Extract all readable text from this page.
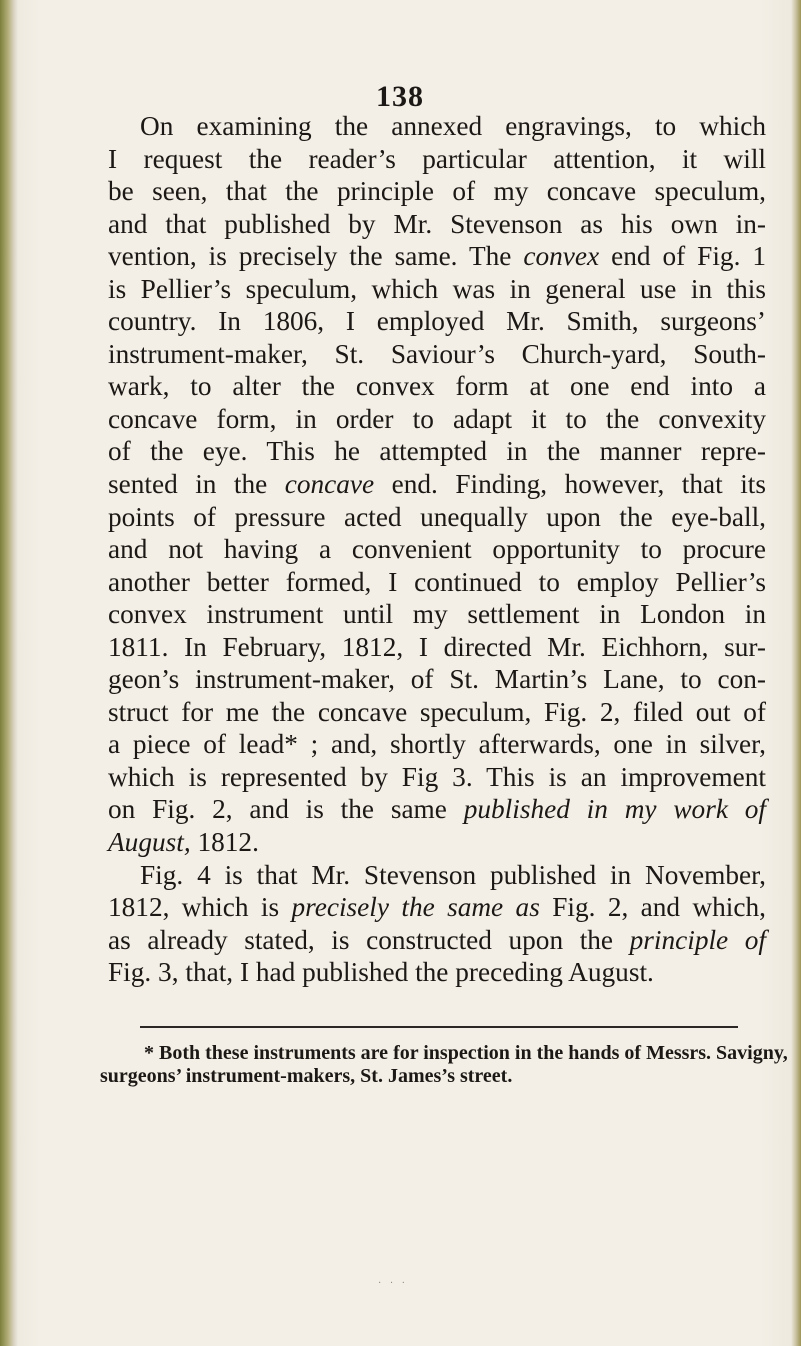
138
On examining the annexed engravings, to which
I request the reader’s particular attention, it will
be seen, that the principle of my concave speculum,
and that published by Mr. Stevenson as his own in-
vention, is precisely the same. The convex end of Fig. 1
is Pellier’s speculum, which was in general use in this
country. In 1806, I employed Mr. Smith, surgeons’
instrument-maker, St. Saviour’s Church-yard, South-
wark, to alter the convex form at one end into a
concave form, in order to adapt it to the convexity
of the eye. This he attempted in the manner repre-
sented in the concave end. Finding, however, that its
points of pressure acted unequally upon the eye-ball,
and not having a convenient opportunity to procure
another better formed, I continued to employ Pellier’s
convex instrument until my settlement in London in
1811. In February, 1812, I directed Mr. Eichhorn, sur-
geon’s instrument-maker, of St. Martin’s Lane, to con-
struct for me the concave speculum, Fig. 2, filed out of
a piece of lead* ; and, shortly afterwards, one in silver,
which is represented by Fig 3. This is an improvement
on Fig. 2, and is the same published in my work of
August, 1812.
Fig. 4 is that Mr. Stevenson published in November,
1812, which is precisely the same as Fig. 2, and which,
as already stated, is constructed upon the principle of
Fig. 3, that, I had published the preceding August.
* Both these instruments are for inspection in the hands of Messrs. Savigny,
surgeons’ instrument-makers, St. James’s street.
· · ·
